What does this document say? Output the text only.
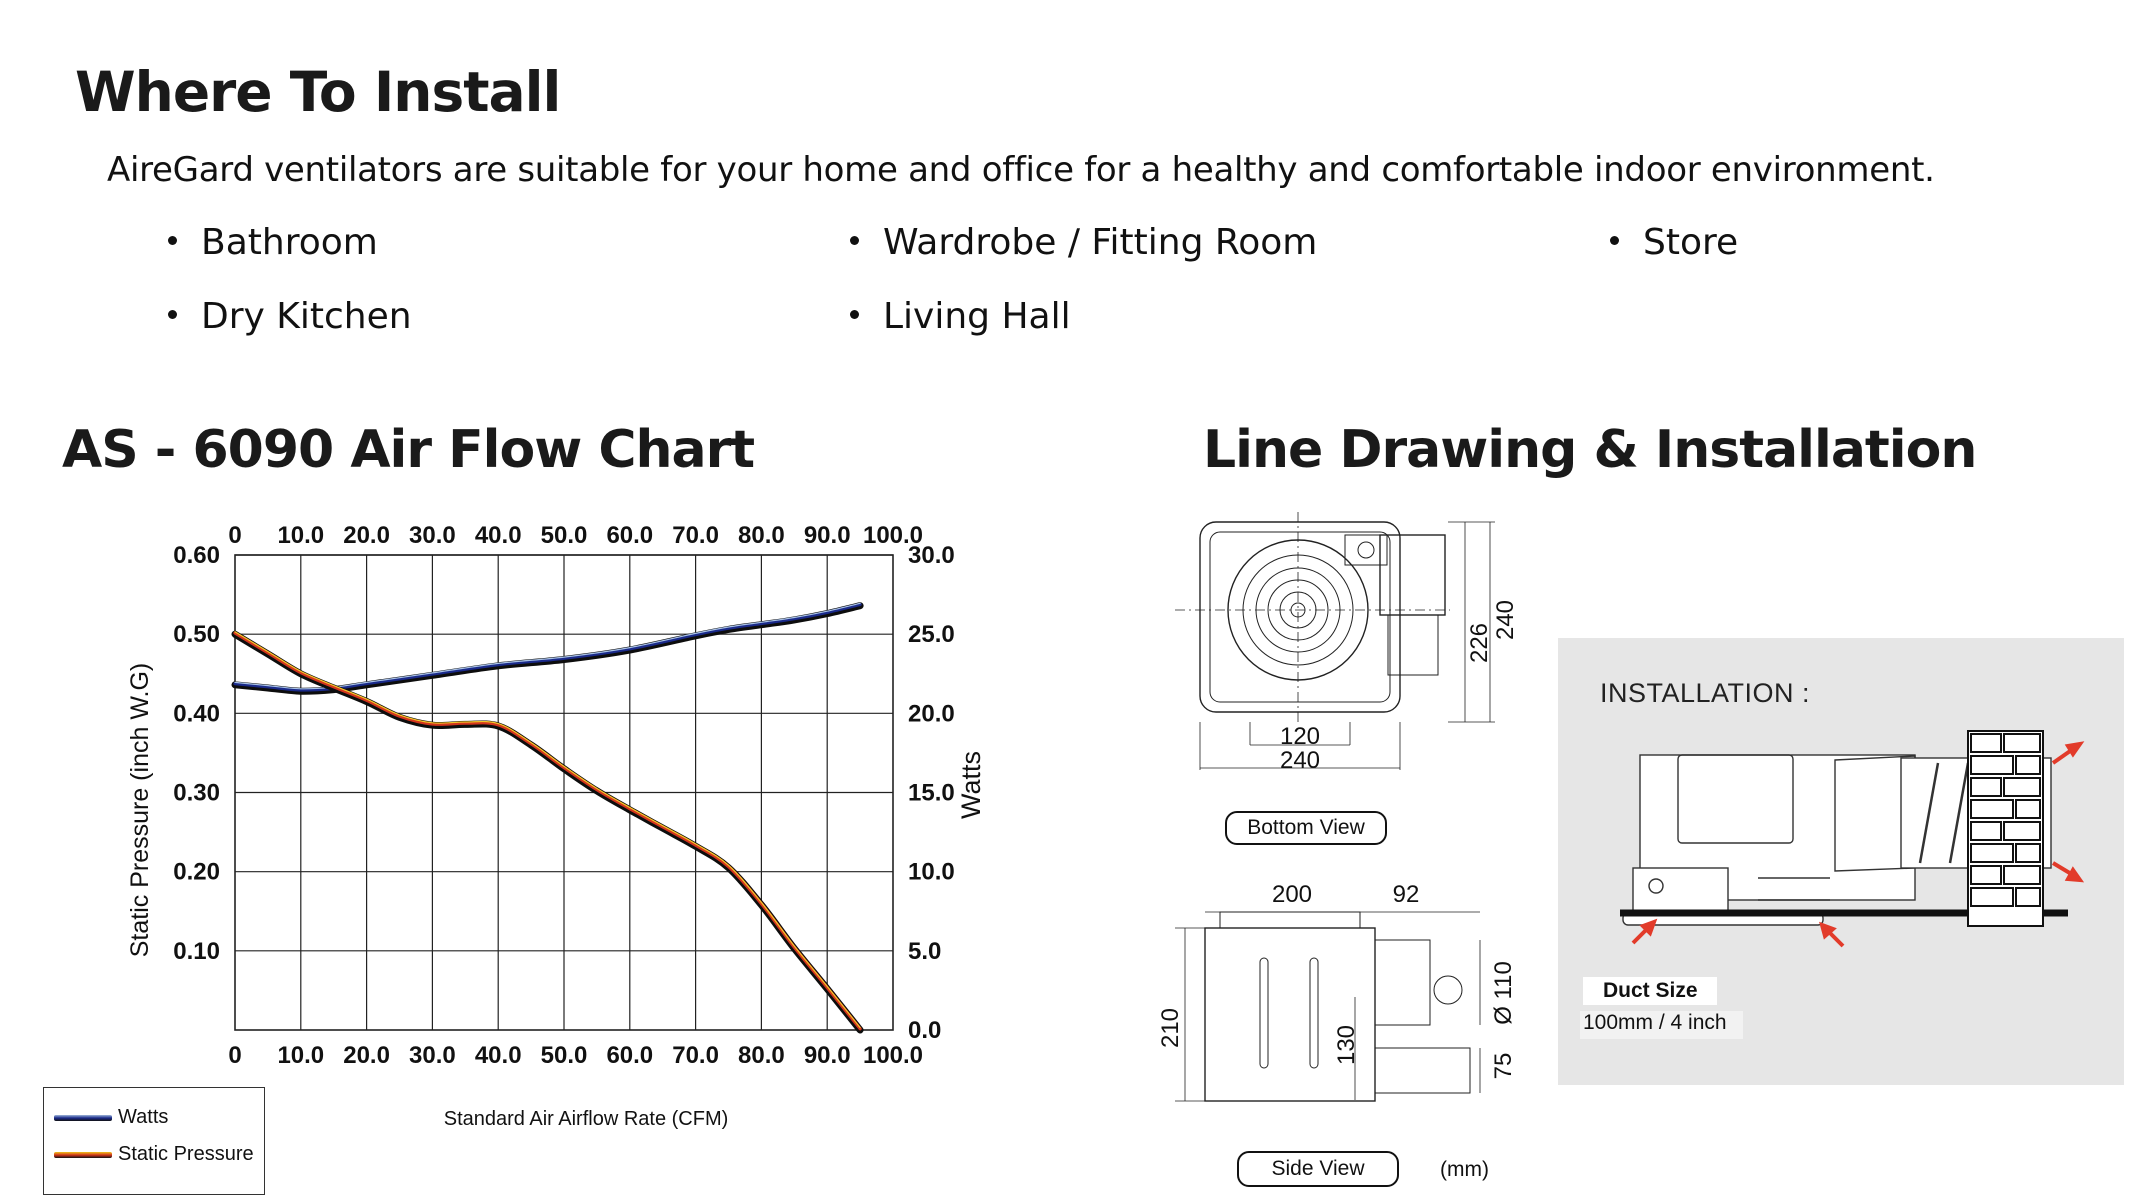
Where To Install

AireGard ventilators are suitable for your home and office for a healthy and comfortable indoor environment.

Bathroom	Wardrobe / Fitting Room	Store
Dry Kitchen	Living Hall
AS - 6090 Air Flow Chart	Line Drawing & Installation
0
0
10.0
10.0
20.0
20.0
30.0
30.0
40.0
40.0
50.0
50.0
60.0
60.0
70.0
70.0
80.0
80.0
90.0
90.0
100.0
100.0
0.60
0.50
0.40
0.30
0.20
0.10
30.0
25.0
20.0
15.0
10.0
5.0
0.0
Static Pressure (inch W.G)	Watts
Standard Air Airflow Rate (CFM)
Watts
Static Pressure
226
240
120
240
200	92
210	130
Ø 110
75
Bottom View
Side View	(mm)

INSTALLATION :

Duct Size
100mm / 4 inch
